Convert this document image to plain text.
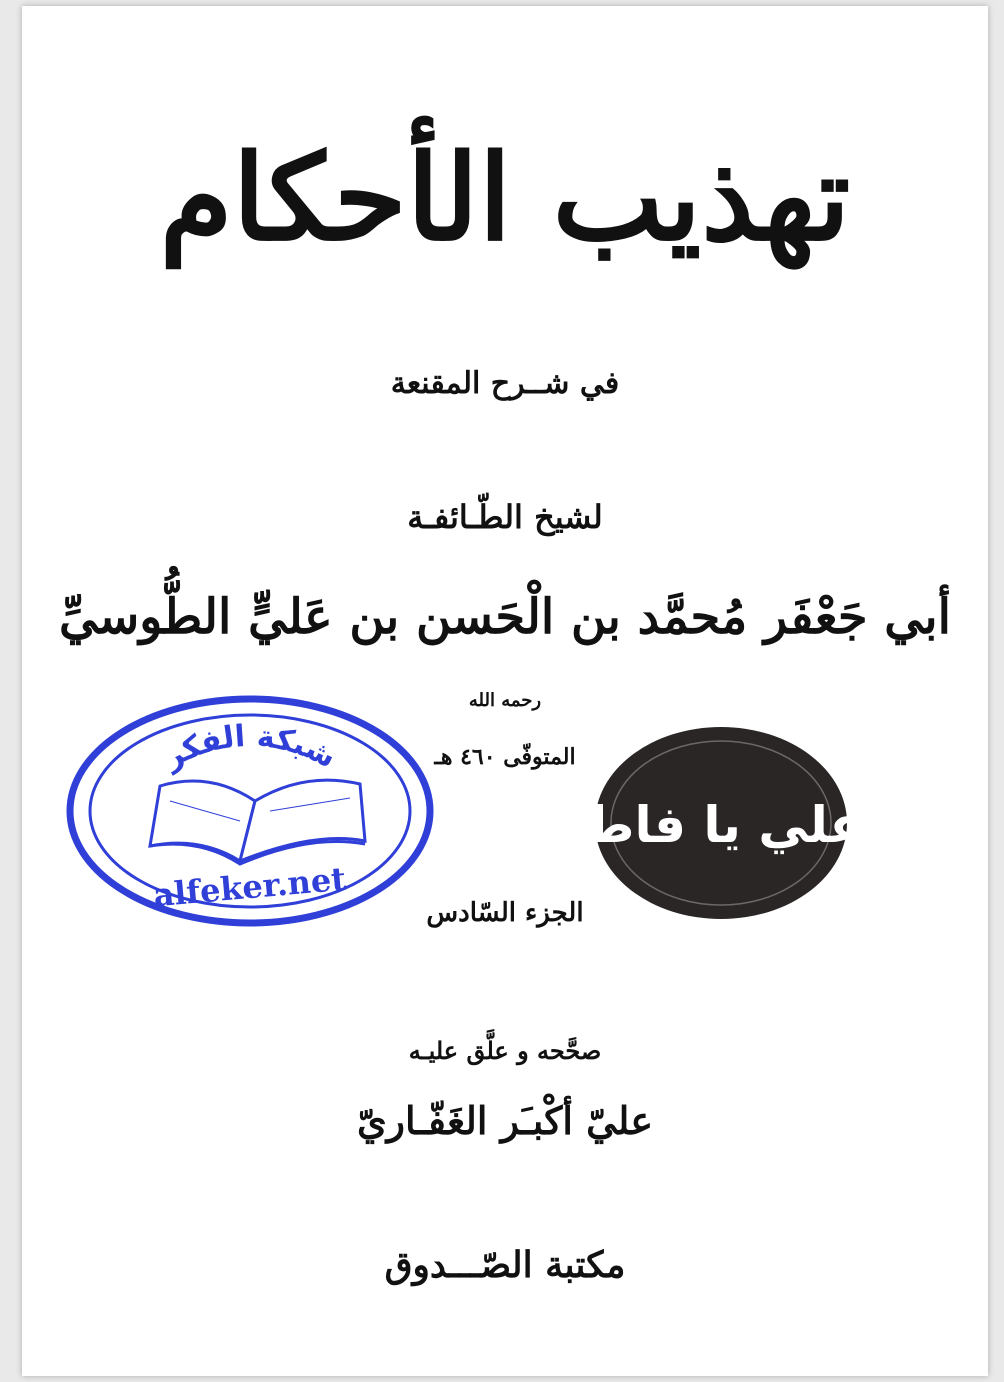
تهذيب الأحكام
في شــرح المقنعة
لشيخ الطّـائفـة
أبي جَعْفَر مُحمَّد بن الْحَسن بن عَليٍّ الطُّوسيِّ
رحمه الله
المتوفّى ٤٦٠ هـ
الجزء السّادس
صحَّحه و علَّق عليـه
عليّ أكْبـَر الغَفّـاريّ
مكتبة الصّـــدوق
شبكة الفكر
alfeker.net
يا علي يا فاطمة
